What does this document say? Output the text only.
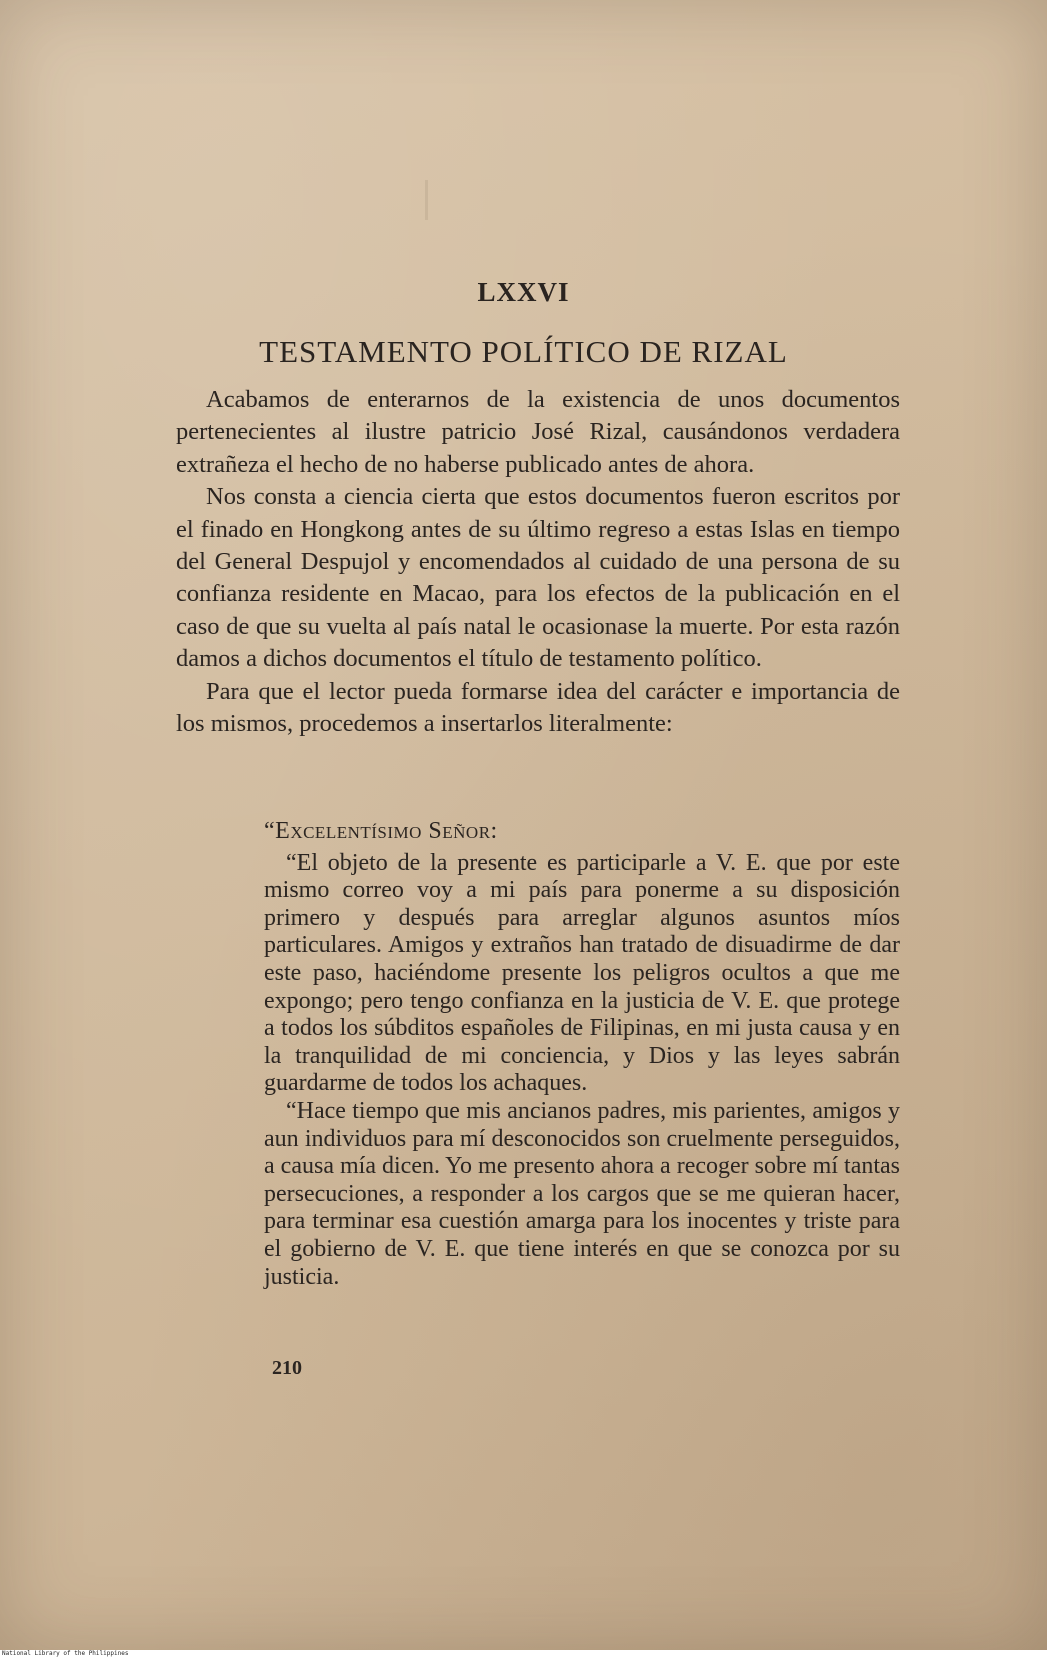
LXXVI
TESTAMENTO POLÍTICO DE RIZAL

Acabamos de enterarnos de la existencia de unos documentos pertenecientes al ilustre patricio José Rizal, causándonos verdadera extrañeza el hecho de no haberse publicado antes de ahora.

Nos consta a ciencia cierta que estos documentos fueron escritos por el finado en Hongkong antes de su último regreso a estas Islas en tiempo del General Despujol y encomendados al cuidado de una persona de su confianza residente en Macao, para los efectos de la publicación en el caso de que su vuelta al país natal le ocasionase la muerte. Por esta razón damos a dichos documentos el título de testamento político.

Para que el lector pueda formarse idea del carácter e importancia de los mismos, procedemos a insertarlos literalmente:

“Excelentísimo Señor:

“El objeto de la presente es participarle a V. E. que por este mismo correo voy a mi país para ponerme a su disposición primero y después para arreglar algunos asuntos míos particulares. Amigos y extraños han tratado de disuadirme de dar este paso, haciéndome presente los peligros ocultos a que me expongo; pero tengo confianza en la justicia de V. E. que protege a todos los súbditos españoles de Filipinas, en mi justa causa y en la tranquilidad de mi conciencia, y Dios y las leyes sabrán guardarme de todos los achaques.

“Hace tiempo que mis ancianos padres, mis parientes, amigos y aun individuos para mí desconocidos son cruelmente perseguidos, a causa mía dicen. Yo me presento ahora a recoger sobre mí tantas persecuciones, a responder a los cargos que se me quieran hacer, para terminar esa cuestión amarga para los inocentes y triste para el gobierno de V. E. que tiene interés en que se conozca por su justicia.

210
National Library of the Philippines
